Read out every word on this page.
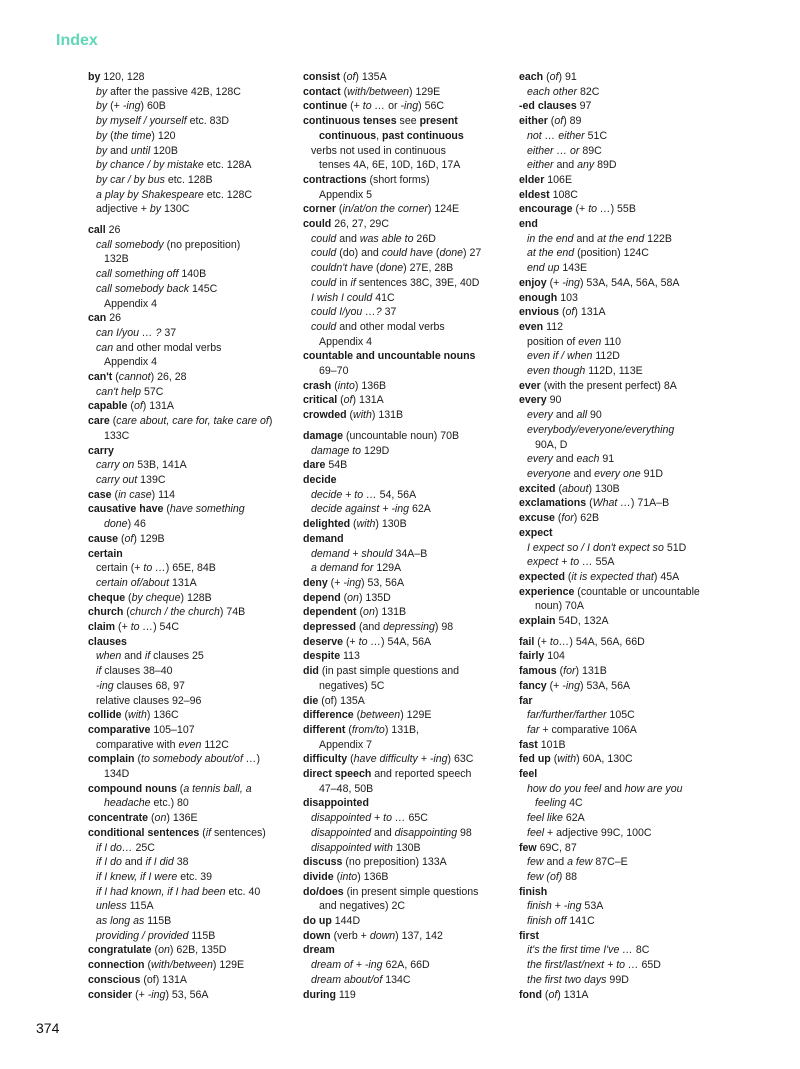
Index
by 120, 128
by after the passive 42B, 128C
by (+ -ing) 60B
by myself / yourself etc. 83D
by (the time) 120
by and until 120B
by chance / by mistake etc. 128A
by car / by bus etc. 128B
a play by Shakespeare etc. 128C
adjective + by 130C
call 26
call somebody (no preposition)
132B
call something off 140B
call somebody back 145C
Appendix 4
can 26
can I/you … ? 37
can and other modal verbs
Appendix 4
can't (cannot) 26, 28
can't help 57C
capable (of) 131A
care (care about, care for, take care of)
133C
carry
carry on 53B, 141A
carry out 139C
case (in case) 114
causative have (have something
done) 46
cause (of) 129B
certain
certain (+ to …) 65E, 84B
certain of/about 131A
cheque (by cheque) 128B
church (church / the church) 74B
claim (+ to …) 54C
clauses
when and if clauses 25
if clauses 38–40
-ing clauses 68, 97
relative clauses 92–96
collide (with) 136C
comparative 105–107
comparative with even 112C
complain (to somebody about/of …)
134D
compound nouns (a tennis ball, a
headache etc.) 80
concentrate (on) 136E
conditional sentences (if sentences)
if I do… 25C
if I do and if I did 38
if I knew, if I were etc. 39
if I had known, if I had been etc. 40
unless 115A
as long as 115B
providing / provided 115B
congratulate (on) 62B, 135D
connection (with/between) 129E
conscious (of) 131A
consider (+ -ing) 53, 56A
consist (of) 135A
contact (with/between) 129E
continue (+ to … or -ing) 56C
continuous tenses see present
continuous, past continuous
verbs not used in continuous
tenses 4A, 6E, 10D, 16D, 17A
contractions (short forms)
Appendix 5
corner (in/at/on the corner) 124E
could 26, 27, 29C
could and was able to 26D
could (do) and could have (done) 27
couldn't have (done) 27E, 28B
could in if sentences 38C, 39E, 40D
I wish I could 41C
could I/you …? 37
could and other modal verbs
Appendix 4
countable and uncountable nouns
69–70
crash (into) 136B
critical (of) 131A
crowded (with) 131B
damage (uncountable noun) 70B
damage to 129D
dare 54B
decide
decide + to … 54, 56A
decide against + -ing 62A
delighted (with) 130B
demand
demand + should 34A–B
a demand for 129A
deny (+ -ing) 53, 56A
depend (on) 135D
dependent (on) 131B
depressed (and depressing) 98
deserve (+ to …) 54A, 56A
despite 113
did (in past simple questions and
negatives) 5C
die (of) 135A
difference (between) 129E
different (from/to) 131B,
Appendix 7
difficulty (have difficulty + -ing) 63C
direct speech and reported speech
47–48, 50B
disappointed
disappointed + to … 65C
disappointed and disappointing 98
disappointed with 130B
discuss (no preposition) 133A
divide (into) 136B
do/does (in present simple questions
and negatives) 2C
do up 144D
down (verb + down) 137, 142
dream
dream of + -ing 62A, 66D
dream about/of 134C
during 119
each (of) 91
each other 82C
-ed clauses 97
either (of) 89
not … either 51C
either … or 89C
either and any 89D
elder 106E
eldest 108C
encourage (+ to …) 55B
end
in the end and at the end 122B
at the end (position) 124C
end up 143E
enjoy (+ -ing) 53A, 54A, 56A, 58A
enough 103
envious (of) 131A
even 112
position of even 110
even if / when 112D
even though 112D, 113E
ever (with the present perfect) 8A
every 90
every and all 90
everybody/everyone/everything
90A, D
every and each 91
everyone and every one 91D
excited (about) 130B
exclamations (What …) 71A–B
excuse (for) 62B
expect
I expect so / I don't expect so 51D
expect + to … 55A
expected (it is expected that) 45A
experience (countable or uncountable
noun) 70A
explain 54D, 132A
fail (+ to…) 54A, 56A, 66D
fairly 104
famous (for) 131B
fancy (+ -ing) 53A, 56A
far
far/further/farther 105C
far + comparative 106A
fast 101B
fed up (with) 60A, 130C
feel
how do you feel and how are you
feeling 4C
feel like 62A
feel + adjective 99C, 100C
few 69C, 87
few and a few 87C–E
few (of) 88
finish
finish + -ing 53A
finish off 141C
first
it's the first time I've … 8C
the first/last/next + to … 65D
the first two days 99D
fond (of) 131A
374
